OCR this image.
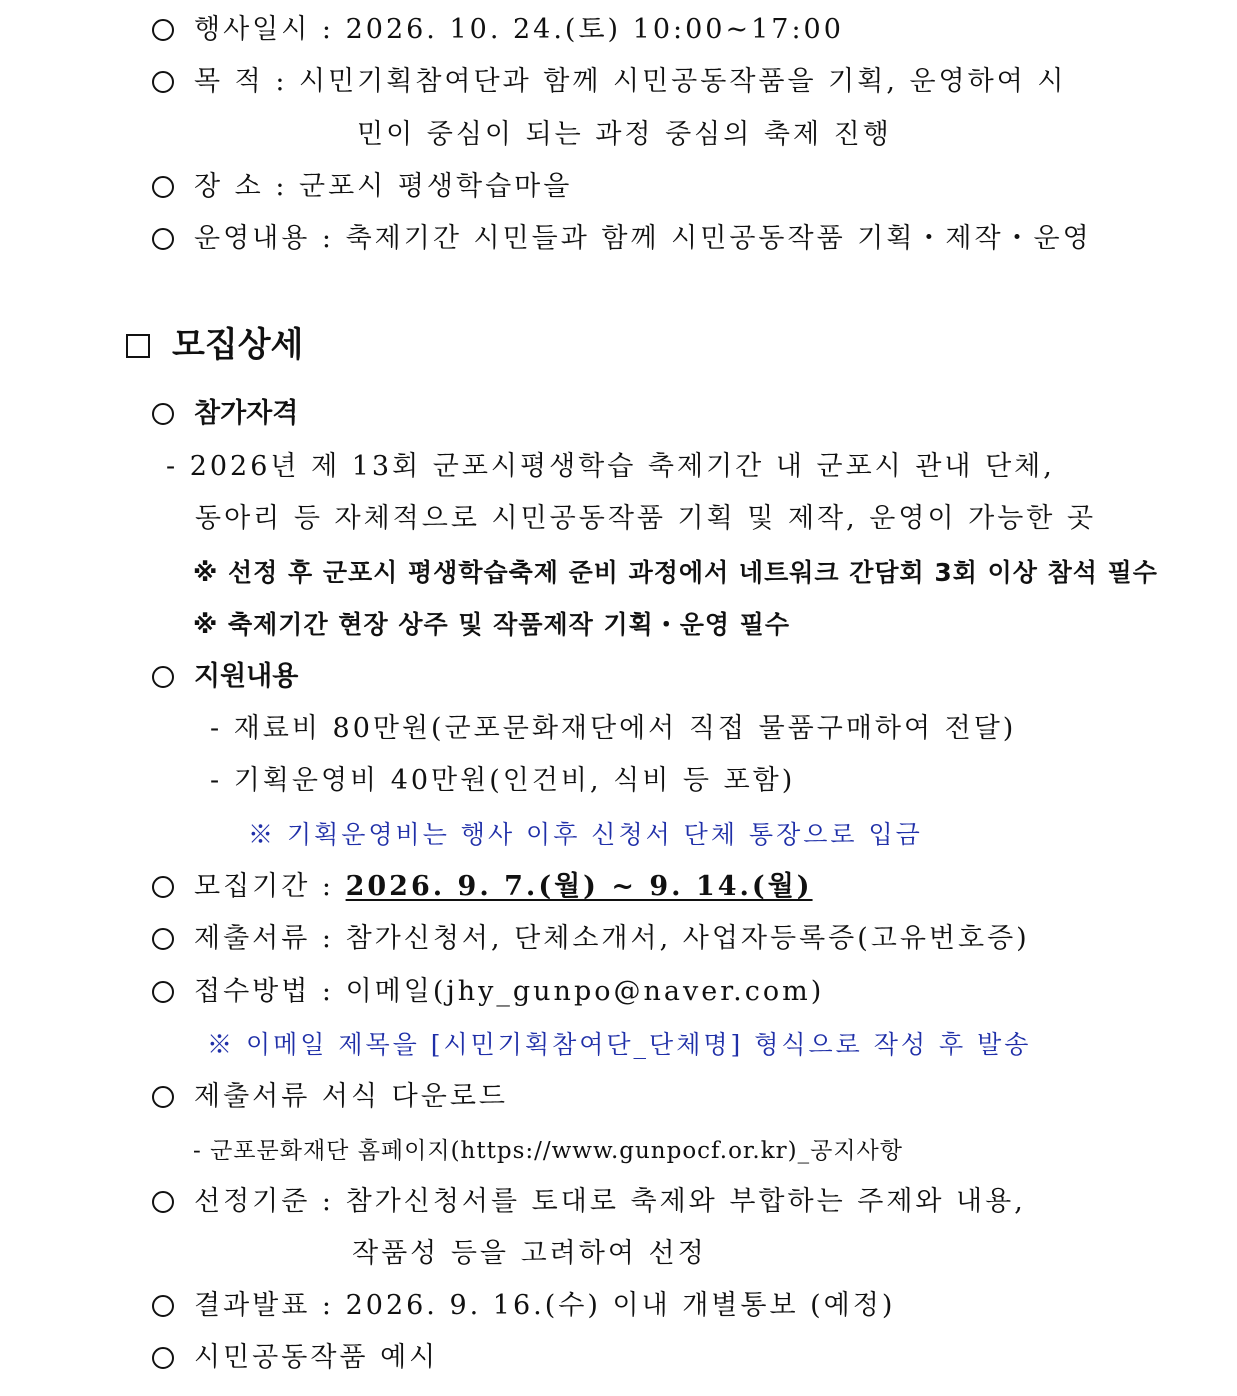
행사일시 : 2026. 10. 24.(토) 10:00~17:00
목 적 : 시민기획참여단과 함께 시민공동작품을 기획, 운영하여 시
민이 중심이 되는 과정 중심의 축제 진행
장 소 : 군포시 평생학습마을
운영내용 : 축제기간 시민들과 함께 시민공동작품 기획・제작・운영
모집상세
참가자격
- 2026년 제 13회 군포시평생학습 축제기간 내 군포시 관내 단체,
동아리 등 자체적으로 시민공동작품 기획 및 제작, 운영이 가능한 곳
※ 선정 후 군포시 평생학습축제 준비 과정에서 네트워크 간담회 3회 이상 참석 필수
※ 축제기간 현장 상주 및 작품제작 기획・운영 필수
지원내용
- 재료비 80만원(군포문화재단에서 직접 물품구매하여 전달)
- 기획운영비 40만원(인건비, 식비 등 포함)
※ 기획운영비는 행사 이후 신청서 단체 통장으로 입금
모집기간 : 2026. 9. 7.(월) ~ 9. 14.(월)
제출서류 : 참가신청서, 단체소개서, 사업자등록증(고유번호증)
접수방법 : 이메일(jhy_gunpo@naver.com)
※ 이메일 제목을 [시민기획참여단_단체명] 형식으로 작성 후 발송
제출서류 서식 다운로드
- 군포문화재단 홈페이지(https://www.gunpocf.or.kr)_공지사항
선정기준 : 참가신청서를 토대로 축제와 부합하는 주제와 내용,
작품성 등을 고려하여 선정
결과발표 : 2026. 9. 16.(수) 이내 개별통보 (예정)
시민공동작품 예시
